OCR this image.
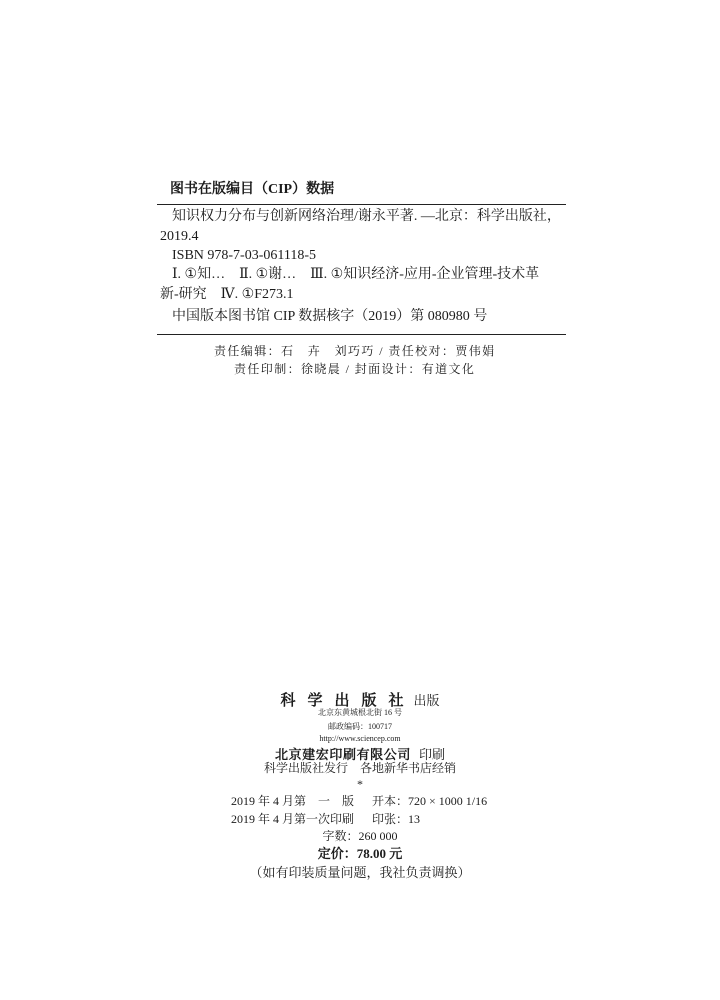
图书在版编目（CIP）数据
知识权力分布与创新网络治理/谢永平著. —北京：科学出版社，
2019.4
ISBN 978-7-03-061118-5
Ⅰ. ①知…　Ⅱ. ①谢…　Ⅲ. ①知识经济-应用-企业管理-技术革
新-研究　Ⅳ. ①F273.1
中国版本图书馆 CIP 数据核字（2019）第 080980 号
责任编辑：石　卉　刘巧巧 / 责任校对：贾伟娟
责任印制：徐晓晨 / 封面设计：有道文化
科学出版社
出版
北京东黄城根北街 16 号
邮政编码：100717
http://www.sciencep.com
北京建宏印刷有限公司 印刷
科学出版社发行　各地新华书店经销
*
2019 年 4 月第　一　版 开本：720 × 1000 1/16
2019 年 4 月第一次印刷 印张：13
字数：260 000
定价：78.00 元
（如有印装质量问题，我社负责调换）
